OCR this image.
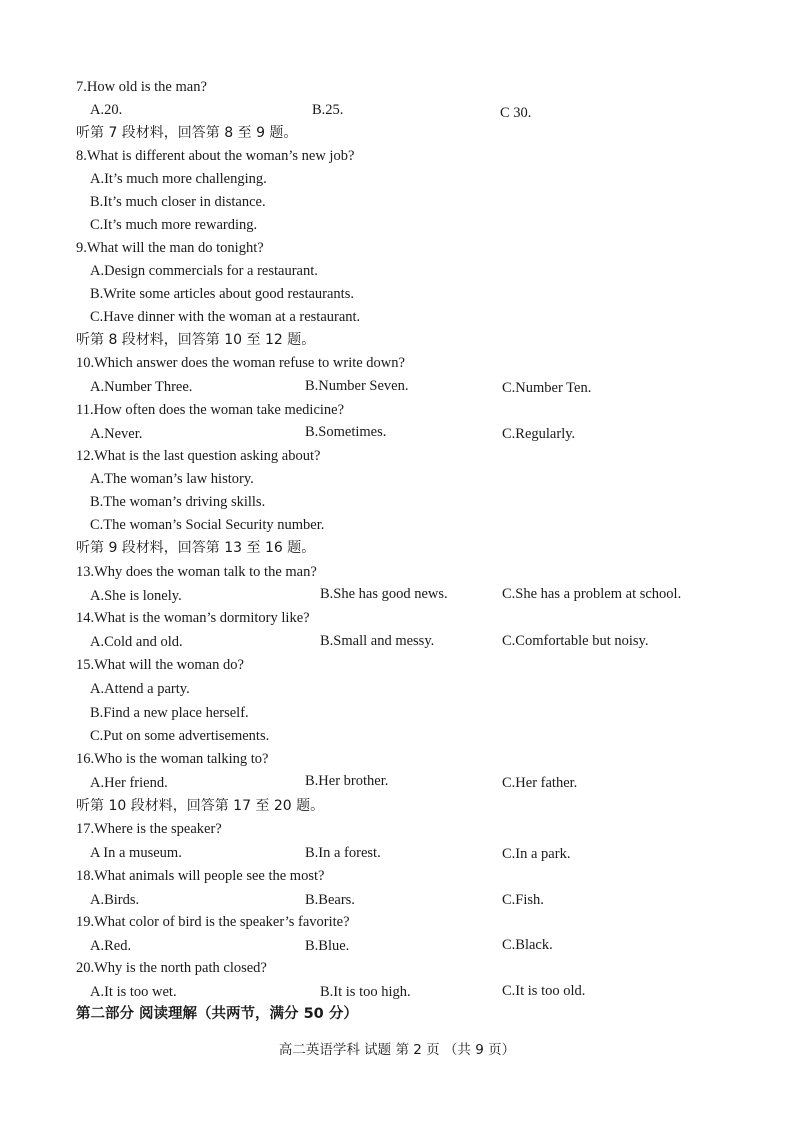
7.How old is the man?
A.20.	B.25.	C 30.
听第 7 段材料，回答第 8 至 9 题。
8.What is different about the woman’s new job?
A.It’s much more challenging.
B.It’s much closer in distance.
C.It’s much more rewarding.
9.What will the man do tonight?
A.Design commercials for a restaurant.
B.Write some articles about good restaurants.
C.Have dinner with the woman at a restaurant.
听第 8 段材料，回答第 10 至 12 题。
10.Which answer does the woman refuse to write down?
A.Number Three.	B.Number Seven.	C.Number Ten.
11.How often does the woman take medicine?
A.Never.	B.Sometimes.	C.Regularly.
12.What is the last question asking about?
A.The woman’s law history.
B.The woman’s driving skills.
C.The woman’s Social Security number.
听第 9 段材料，回答第 13 至 16 题。
13.Why does the woman talk to the man?
A.She is lonely.	B.She has good news.	C.She has a problem at school.
14.What is the woman’s dormitory like?
A.Cold and old.	B.Small and messy.	C.Comfortable but noisy.
15.What will the woman do?
A.Attend a party.
B.Find a new place herself.
C.Put on some advertisements.
16.Who is the woman talking to?
A.Her friend.	B.Her brother.	C.Her father.
听第 10 段材料，回答第 17 至 20 题。
17.Where is the speaker?
A In a museum.	B.In a forest.	C.In a park.
18.What animals will people see the most?
A.Birds.	B.Bears.	C.Fish.
19.What color of bird is the speaker’s favorite?
A.Red.	B.Blue.	C.Black.
20.Why is the north path closed?
A.It is too wet.	B.It is too high.	C.It is too old.
第二部分 阅读理解（共两节，满分 50 分）
高二英语学科 试题 第 2 页 （共 9 页）
